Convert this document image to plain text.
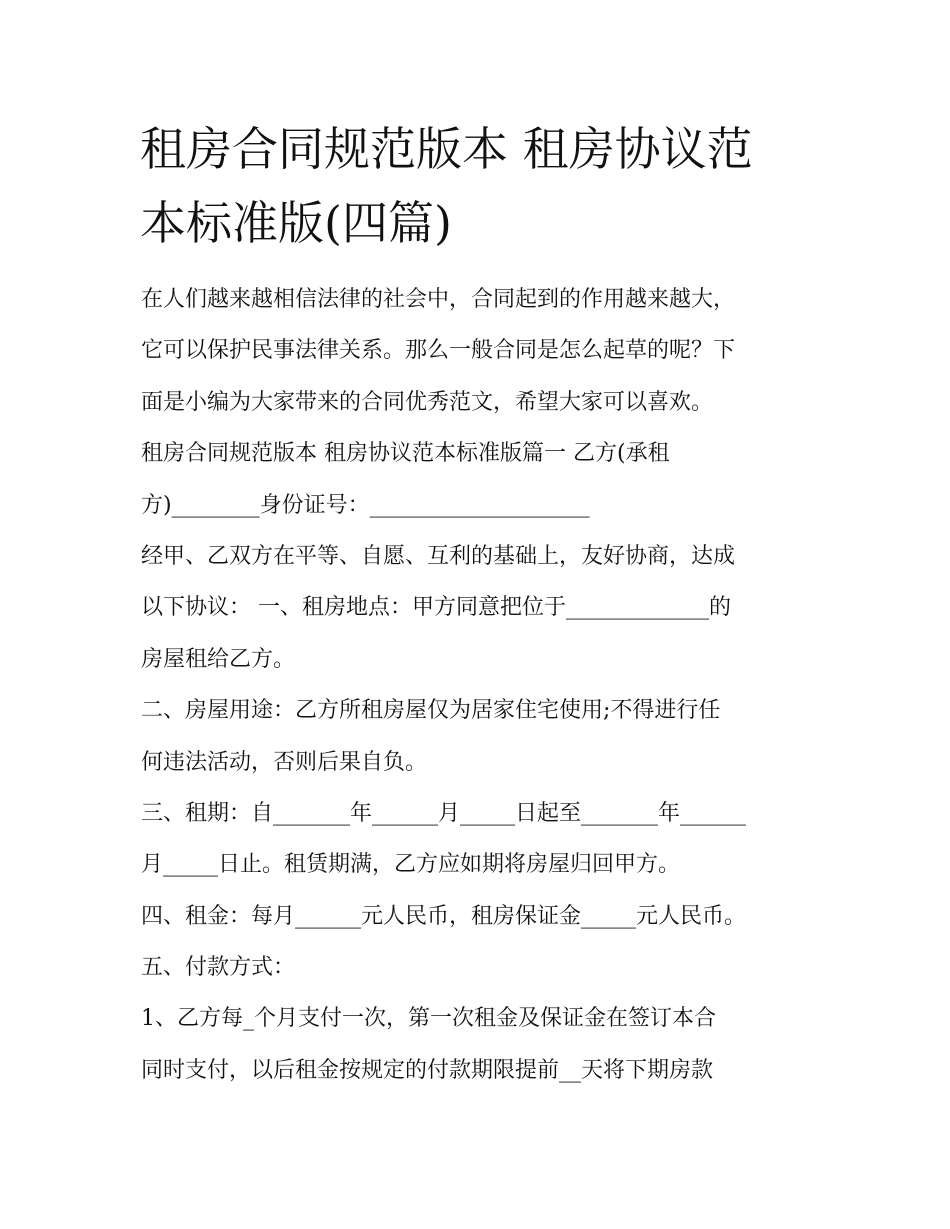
租房合同规范版本 租房协议范
本标准版(四篇)
在人们越来越相信法律的社会中，合同起到的作用越来越大，
它可以保护民事法律关系。那么一般合同是怎么起草的呢？下
面是小编为大家带来的合同优秀范文，希望大家可以喜欢。
租房合同规范版本 租房协议范本标准版篇一 乙方(承租
方)________身份证号：____________________
经甲、乙双方在平等、自愿、互利的基础上，友好协商，达成
以下协议： 一、租房地点：甲方同意把位于_____________的
房屋租给乙方。
二、房屋用途：乙方所租房屋仅为居家住宅使用;不得进行任
何违法活动，否则后果自负。
三、租期：自_______年______月_____日起至_______年______
月_____日止。租赁期满，乙方应如期将房屋归回甲方。
四、租金：每月______元人民币，租房保证金_____元人民币。
五、付款方式：
1、乙方每_个月支付一次，第一次租金及保证金在签订本合
同时支付，以后租金按规定的付款期限提前__天将下期房款
